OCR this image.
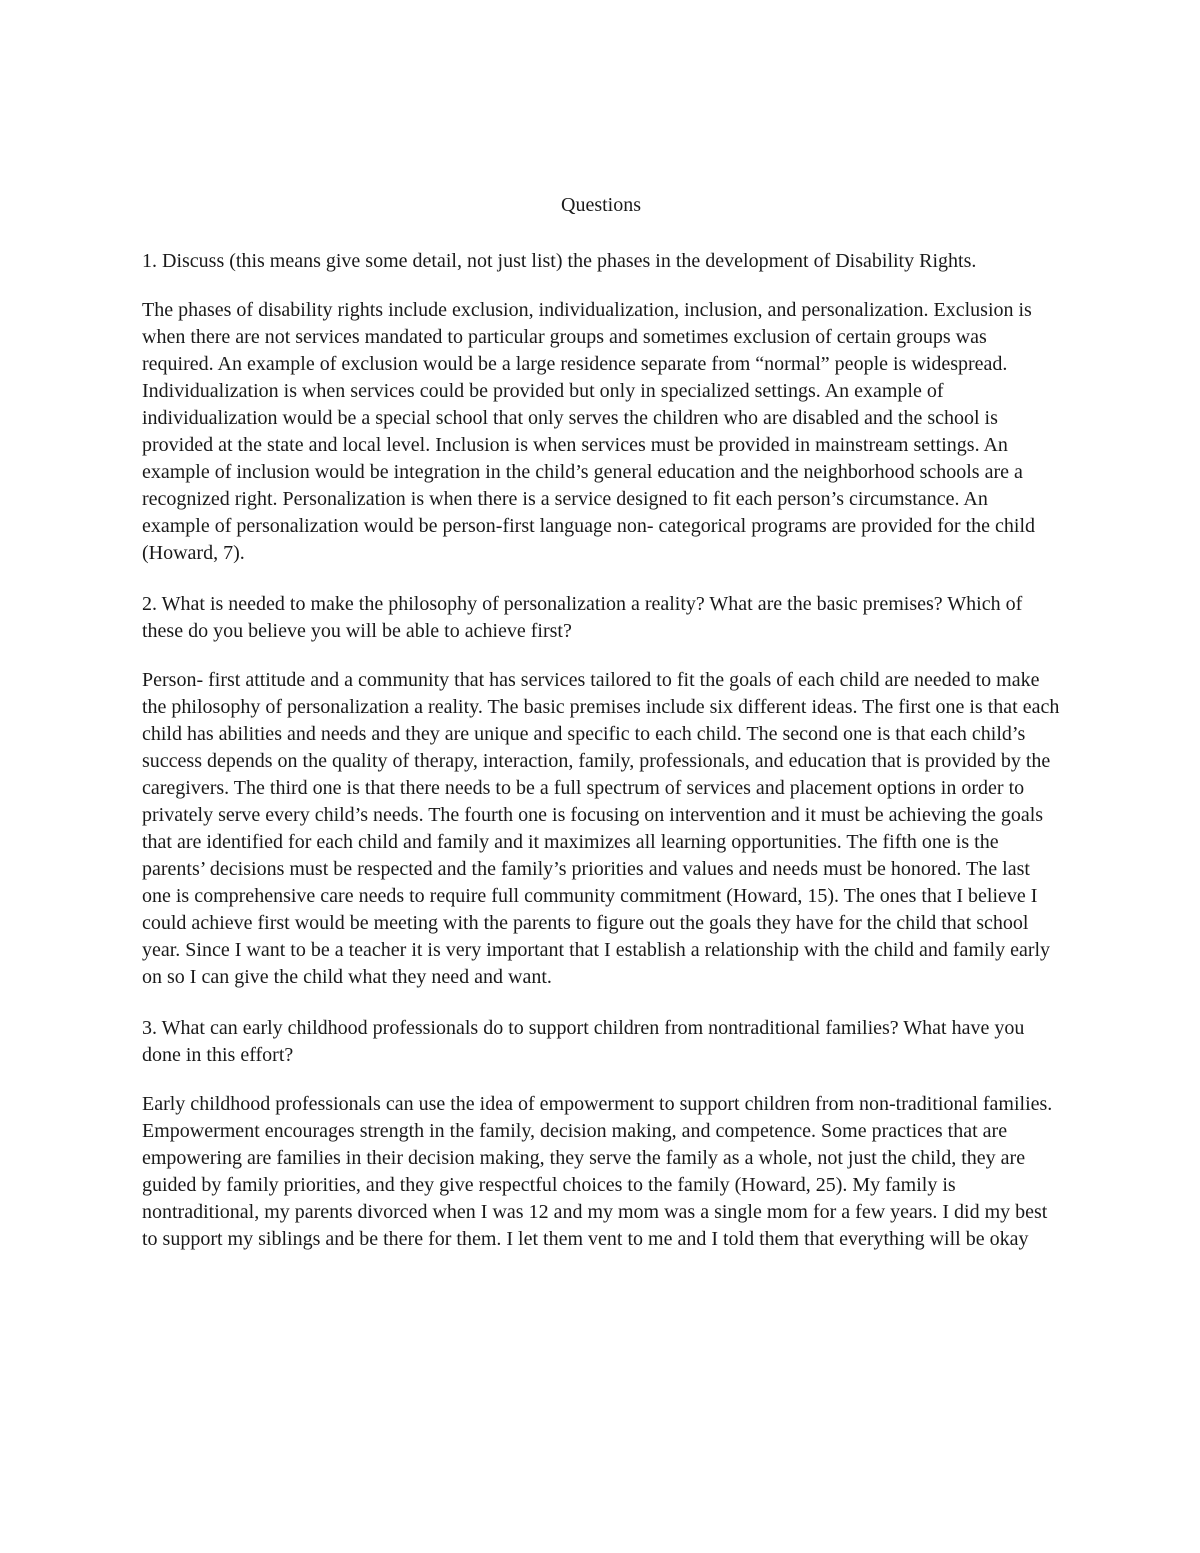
Questions

1. Discuss (this means give some detail, not just list) the phases in the development of Disability Rights.

The phases of disability rights include exclusion, individualization, inclusion, and personalization. Exclusion is when there are not services mandated to particular groups and sometimes exclusion of certain groups was required. An example of exclusion would be a large residence separate from “normal” people is widespread. Individualization is when services could be provided but only in specialized settings. An example of individualization would be a special school that only serves the children who are disabled and the school is provided at the state and local level. Inclusion is when services must be provided in mainstream settings. An example of inclusion would be integration in the child’s general education and the neighborhood schools are a recognized right. Personalization is when there is a service designed to fit each person’s circumstance. An example of personalization would be person-first language non- categorical programs are provided for the child (Howard, 7).

2. What is needed to make the philosophy of personalization a reality? What are the basic premises? Which of these do you believe you will be able to achieve first?

Person- first attitude and a community that has services tailored to fit the goals of each child are needed to make the philosophy of personalization a reality. The basic premises include six different ideas. The first one is that each child has abilities and needs and they are unique and specific to each child. The second one is that each child’s success depends on the quality of therapy, interaction, family, professionals, and education that is provided by the caregivers. The third one is that there needs to be a full spectrum of services and placement options in order to privately serve every child’s needs. The fourth one is focusing on intervention and it must be achieving the goals that are identified for each child and family and it maximizes all learning opportunities. The fifth one is the parents’ decisions must be respected and the family’s priorities and values and needs must be honored. The last one is comprehensive care needs to require full community commitment (Howard, 15). The ones that I believe I could achieve first would be meeting with the parents to figure out the goals they have for the child that school year. Since I want to be a teacher it is very important that I establish a relationship with the child and family early on so I can give the child what they need and want.

3. What can early childhood professionals do to support children from nontraditional families? What have you done in this effort?

Early childhood professionals can use the idea of empowerment to support children from non-traditional families. Empowerment encourages strength in the family, decision making, and competence. Some practices that are empowering are families in their decision making, they serve the family as a whole, not just the child, they are guided by family priorities, and they give respectful choices to the family (Howard, 25). My family is nontraditional, my parents divorced when I was 12 and my mom was a single mom for a few years. I did my best to support my siblings and be there for them. I let them vent to me and I told them that everything will be okay
